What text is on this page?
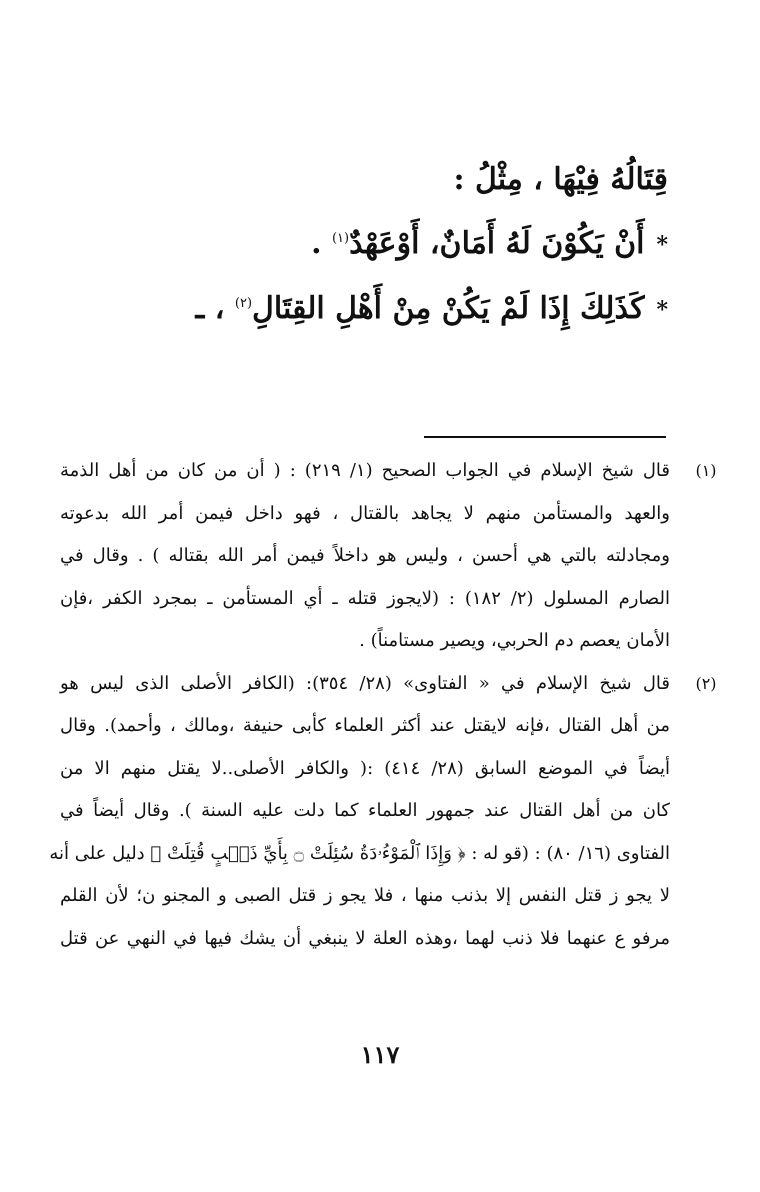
قِتَالُهُ فِيْهَا ، مِثْلُ :

*أَنْ يَكُوْنَ لَهُ أَمَانٌ، أَوْعَهْدٌ$^{(١)}$ .

*كَذَلِكَ إِذَا لَمْ يَكُنْ مِنْ أَهْلِ القِتَالِ$^{(٢)}$ ، ـ

(١)

قال شيخ الإسلام في الجواب الصحيح (١/ ٢١٩) : ( أن من كان من أهل الذمة

والعهد والمستأمن منهم لا يجاهد بالقتال ، فهو داخل فيمن أمر الله بدعوته

ومجادلته بالتي هي أحسن ، وليس هو داخلاً فيمن أمر الله بقتاله ) . وقال في

الصارم المسلول (٢/ ١٨٢) : (لايجوز قتله ـ أي المستأمن ـ بمجرد الكفر ،فإن

الأمان يعصم دم الحربي، ويصير مستامناً) .

(٢)

قال شيخ الإسلام في « الفتاوى» (٢٨/ ٣٥٤): (الكافر الأصلى الذى ليس هو

من أهل القتال ،فإنه لايقتل عند أكثر العلماء كأبى حنيفة ،ومالك ، وأحمد). وقال

أيضاً في الموضع السابق (٢٨/ ٤١٤) :( والكافر الأصلى..لا يقتل منهم الا من

كان من أهل القتال عند جمهور العلماء كما دلت عليه السنة ). وقال أيضاً في

الفتاوى (١٦/ ٨٠) : (قو له : ﴿ وَإِذَا ٱلْمَوْءُۥدَةُ سُئِلَتْ ۝ بِأَيِّ ذَنۢبٍ قُتِلَتْ ﴾ دليل على أنه

لا يجو ز قتل النفس إلا بذنب منها ، فلا يجو ز قتل الصبى و المجنو ن؛ لأن القلم

مرفو ع عنهما فلا ذنب لهما ،وهذه العلة لا ينبغي أن يشك فيها في النهي عن قتل

١١٧
